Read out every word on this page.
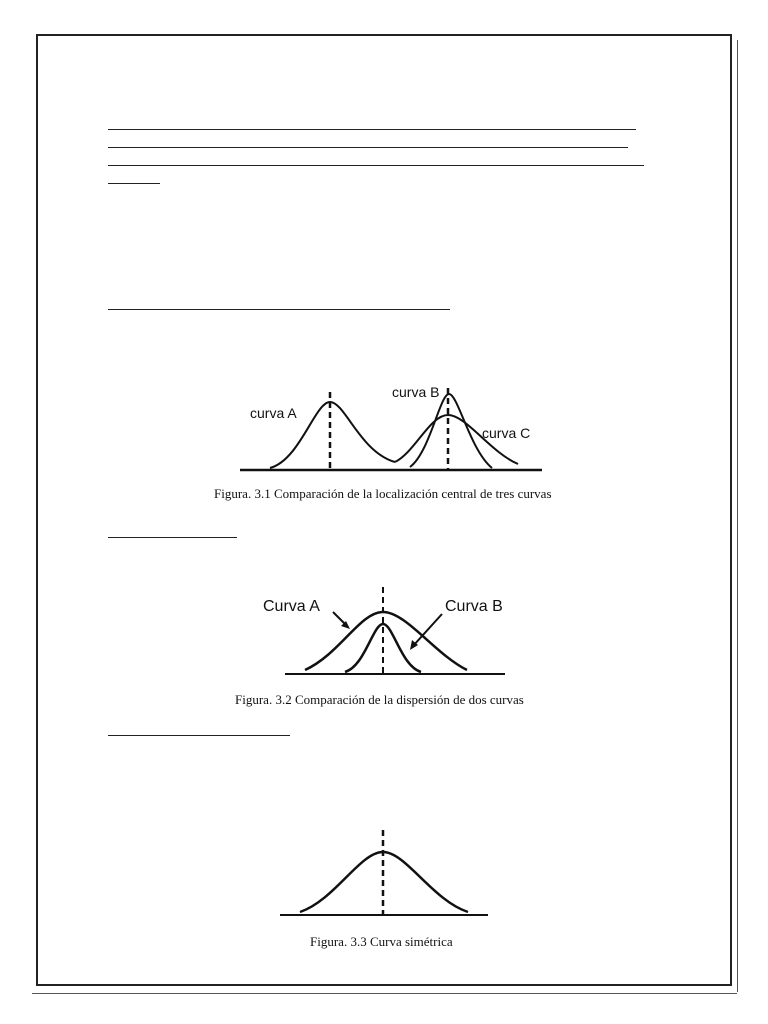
curva A
curva B
curva C
Figura. 3.1 Comparación de la localización central de tres curvas
Curva A	Curva B
Figura. 3.2 Comparación de la dispersión de dos curvas
Figura. 3.3 Curva simétrica
